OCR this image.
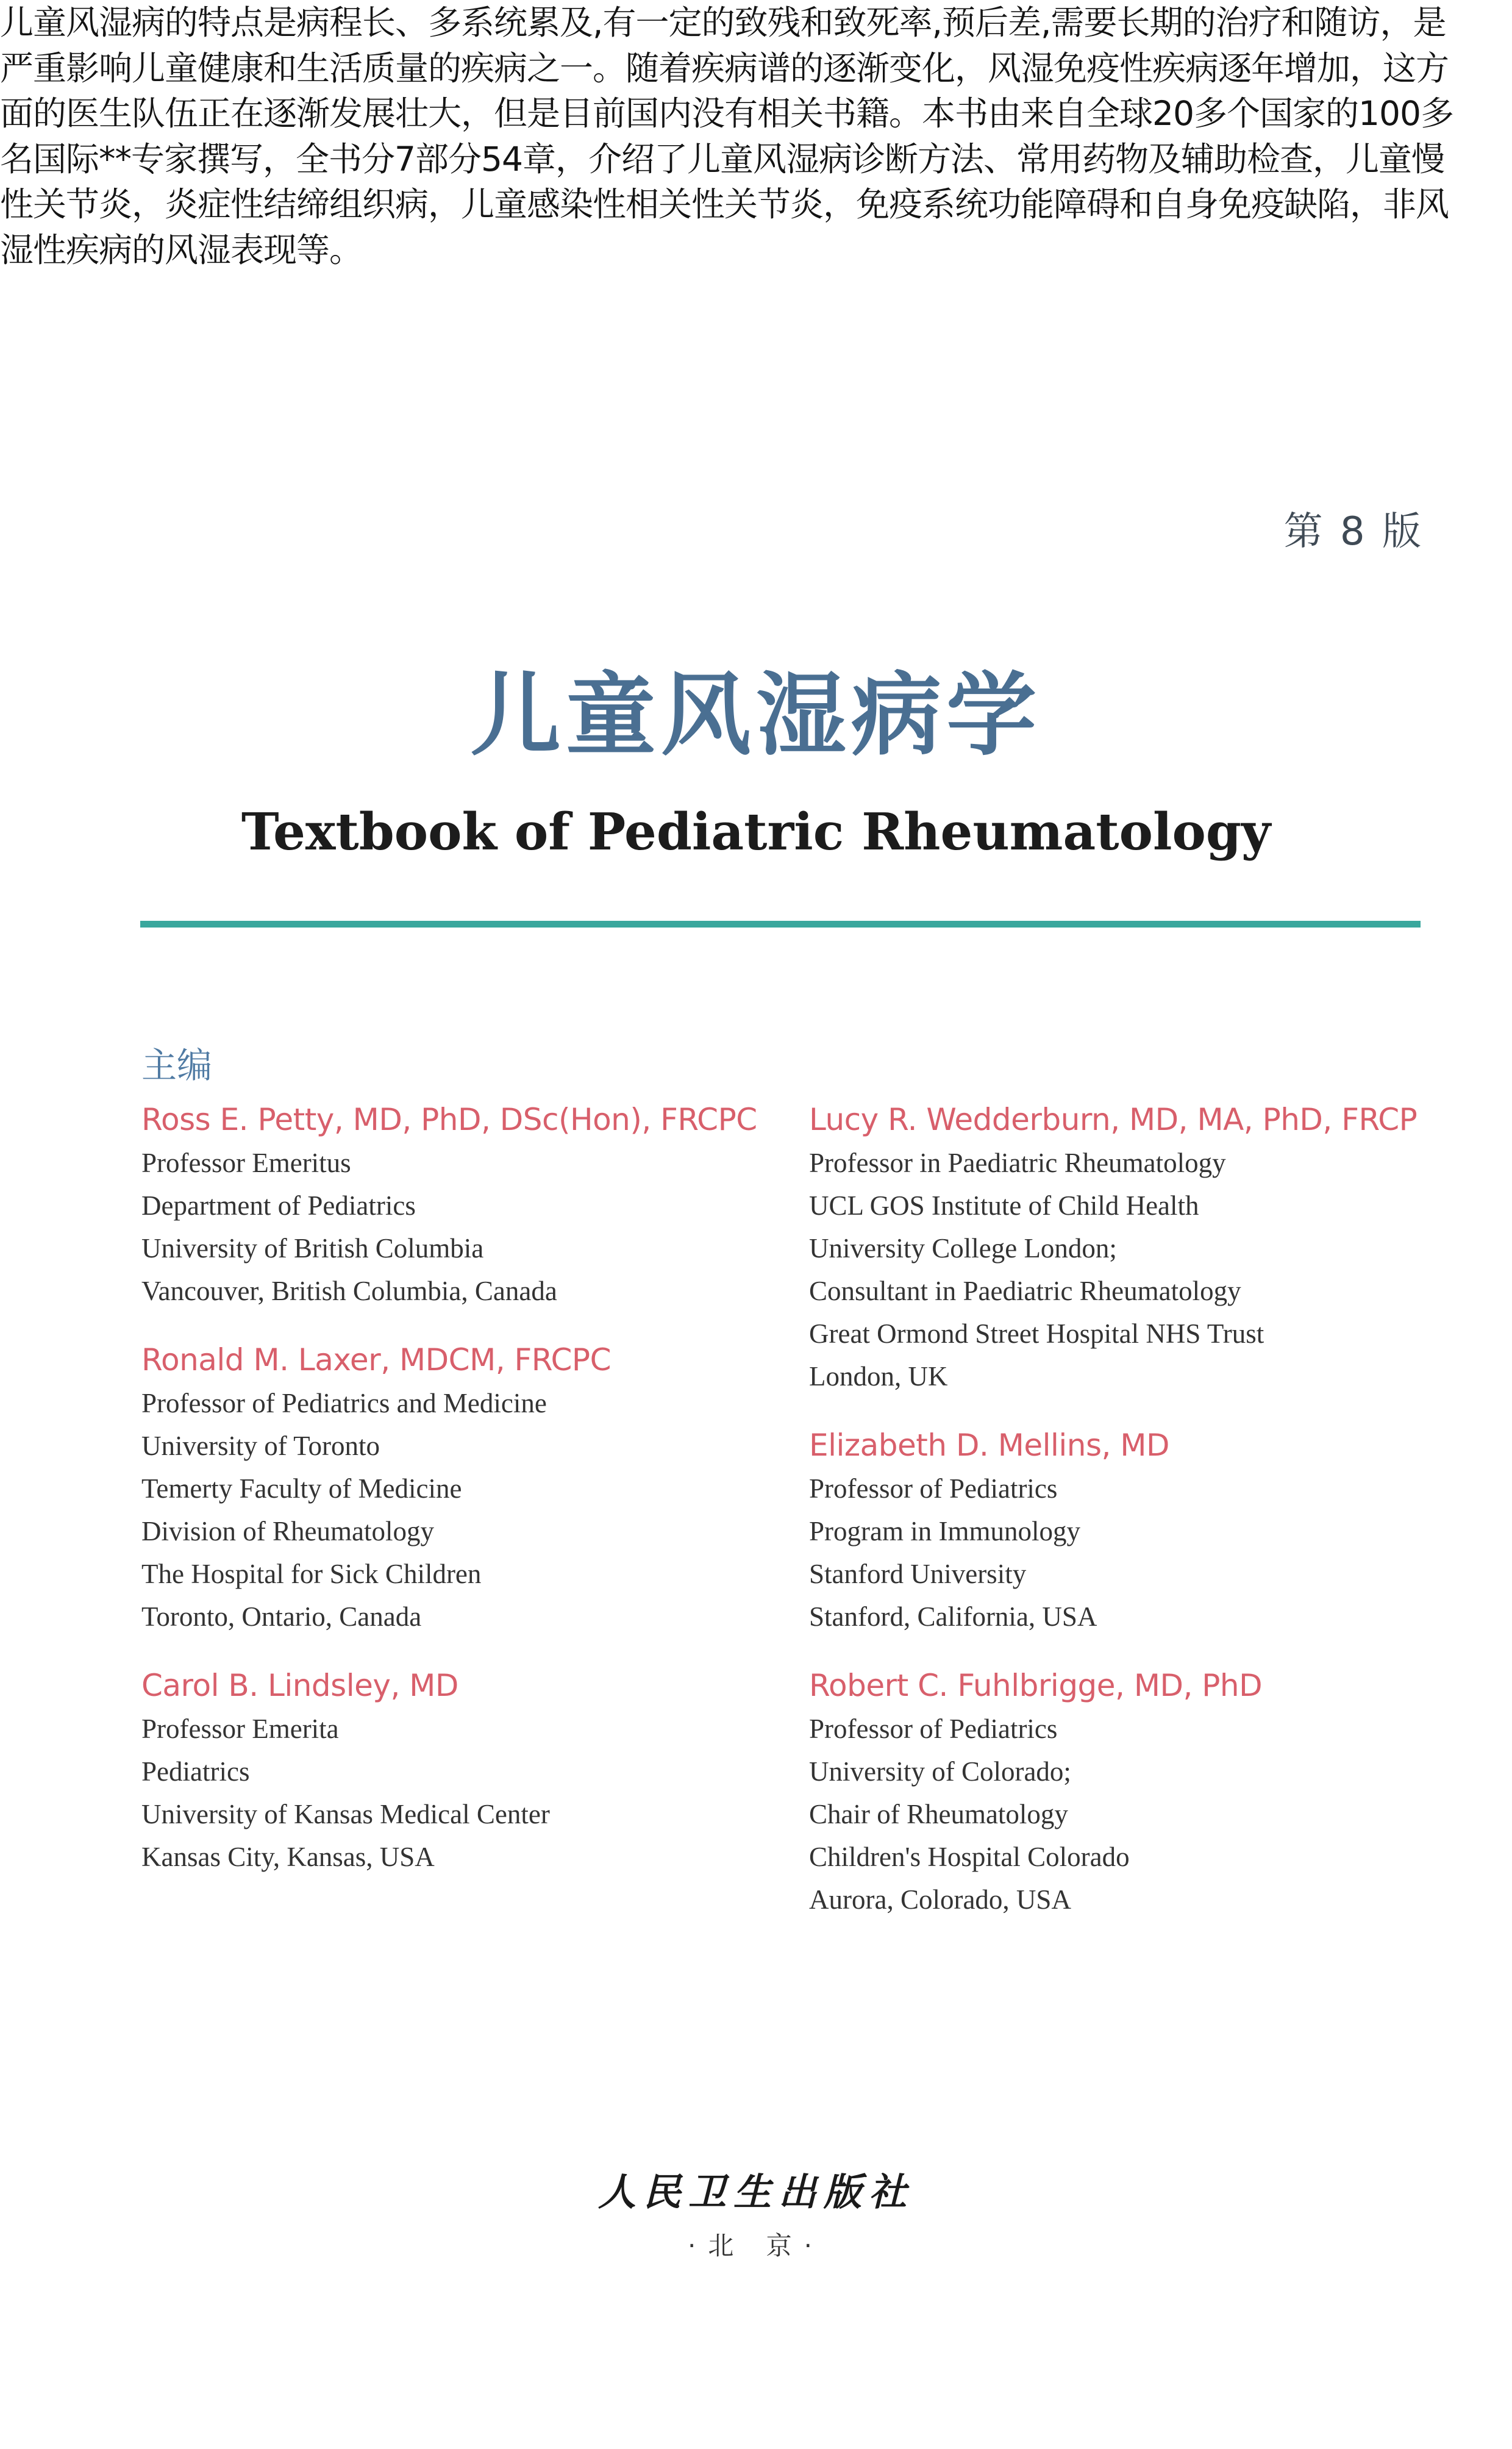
儿童风湿病的特点是病程长、多系统累及,有一定的致残和致死率,预后差,需要长期的治疗和随访，是严重影响儿童健康和生活质量的疾病之一。随着疾病谱的逐渐变化，风湿免疫性疾病逐年增加，这方面的医生队伍正在逐渐发展壮大，但是目前国内没有相关书籍。本书由来自全球20多个国家的100多名国际**专家撰写，全书分7部分54章，介绍了儿童风湿病诊断方法、常用药物及辅助检查，儿童慢性关节炎，炎症性结缔组织病，儿童感染性相关性关节炎，免疫系统功能障碍和自身免疫缺陷，非风湿性疾病的风湿表现等。

第 8 版
儿童风湿病学
Textbook of Pediatric Rheumatology
主编
Ross E. Petty, MD, PhD, DSc(Hon), FRCPC
Professor Emeritus
Department of Pediatrics
University of British Columbia
Vancouver, British Columbia, Canada
Ronald M. Laxer, MDCM, FRCPC
Professor of Pediatrics and Medicine
University of Toronto
Temerty Faculty of Medicine
Division of Rheumatology
The Hospital for Sick Children
Toronto, Ontario, Canada
Carol B. Lindsley, MD
Professor Emerita
Pediatrics
University of Kansas Medical Center
Kansas City, Kansas, USA
Lucy R. Wedderburn, MD, MA, PhD, FRCP
Professor in Paediatric Rheumatology
UCL GOS Institute of Child Health
University College London;
Consultant in Paediatric Rheumatology
Great Ormond Street Hospital NHS Trust
London, UK
Elizabeth D. Mellins, MD
Professor of Pediatrics
Program in Immunology
Stanford University
Stanford, California, USA
Robert C. Fuhlbrigge, MD, PhD
Professor of Pediatrics
University of Colorado;
Chair of Rheumatology
Children's Hospital Colorado
Aurora, Colorado, USA
人民卫生出版社
·北 京·
